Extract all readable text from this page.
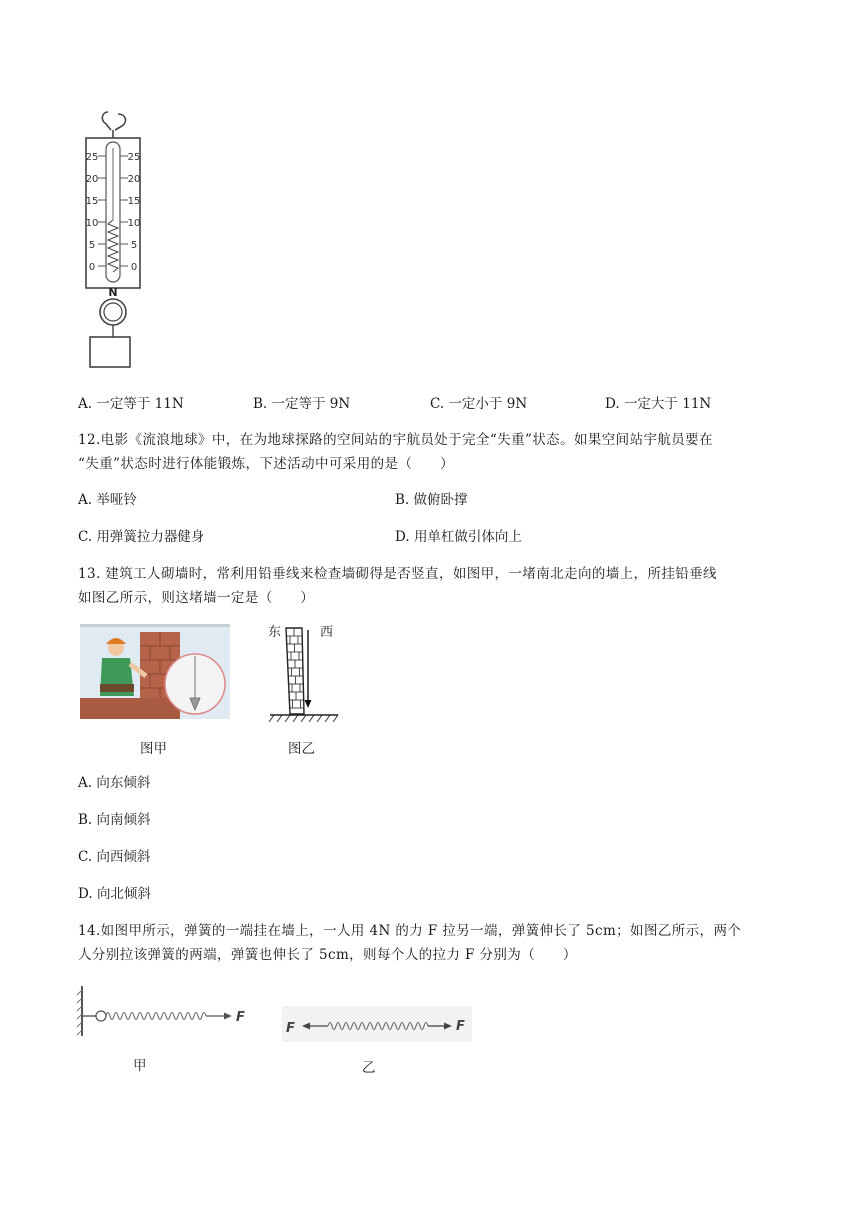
25	25
20	20
15	15
10	10
5	5
0	0
N
A. 一定等于 11N	B. 一定等于 9N	C. 一定小于 9N	D. 一定大于 11N
12.电影《流浪地球》中，在为地球探路的空间站的宇航员处于完全“失重”状态。如果空间站宇航员要在
“失重”状态时进行体能锻炼，下述活动中可采用的是（　　）
A. 举哑铃	B. 做俯卧撑
C. 用弹簧拉力器健身	D. 用单杠做引体向上
13. 建筑工人砌墙时，常利用铅垂线来检查墙砌得是否竖直，如图甲，一堵南北走向的墙上，所挂铅垂线
如图乙所示，则这堵墙一定是（　　）
图甲
东	西
图乙
A. 向东倾斜
B. 向南倾斜
C. 向西倾斜
D. 向北倾斜
14.如图甲所示，弹簧的一端挂在墙上，一人用 4N 的力 F 拉另一端，弹簧伸长了 5cm；如图乙所示，两个
人分别拉该弹簧的两端，弹簧也伸长了 5cm，则每个人的拉力 F 分别为（　　）
F
甲
F	F
乙
